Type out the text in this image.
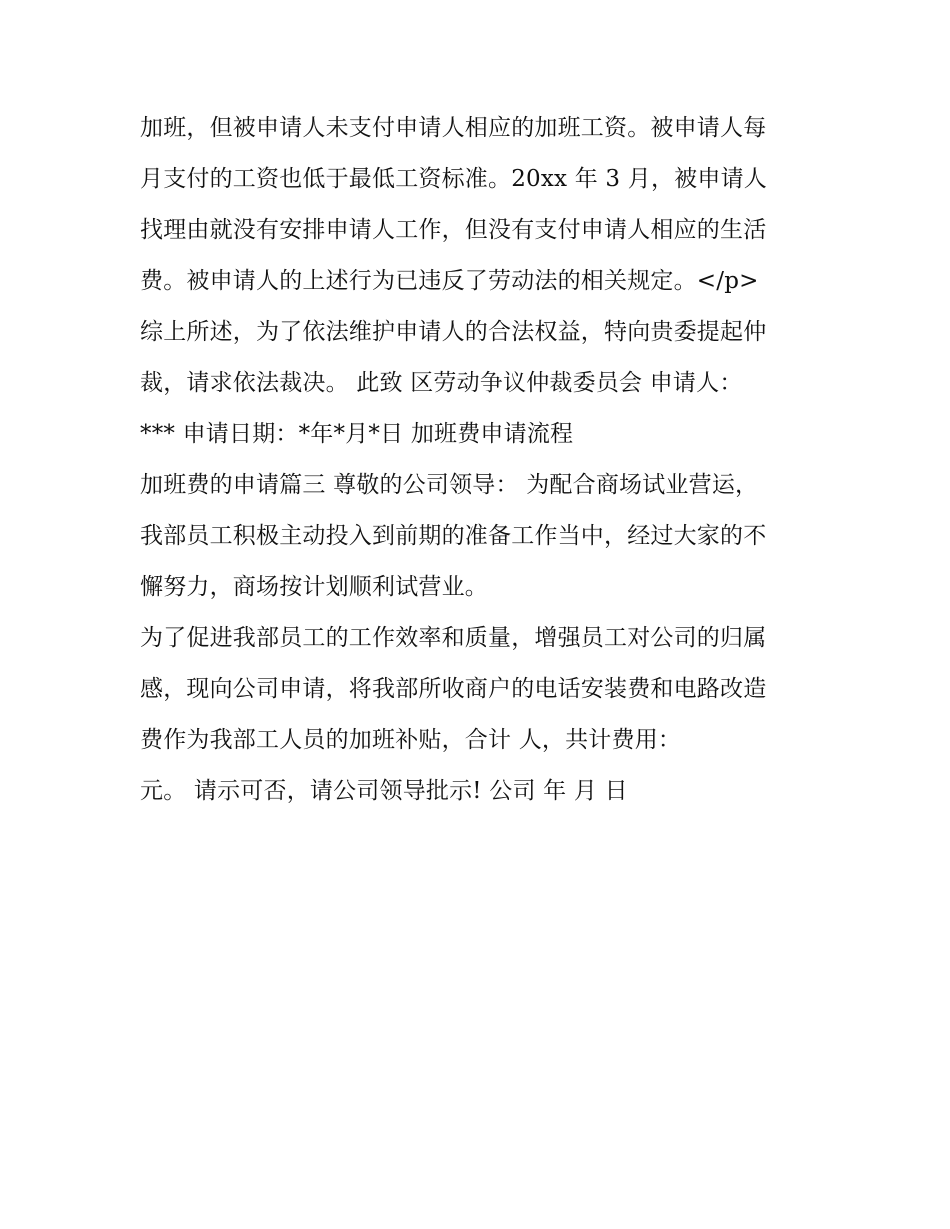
加班，但被申请人未支付申请人相应的加班工资。被申请人每
月支付的工资也低于最低工资标准。20xx 年 3 月，被申请人
找理由就没有安排申请人工作，但没有支付申请人相应的生活
费。被申请人的上述行为已违反了劳动法的相关规定。</p>
综上所述，为了依法维护申请人的合法权益，特向贵委提起仲
裁，请求依法裁决。 此致 区劳动争议仲裁委员会 申请人：
*** 申请日期：*年*月*日 加班费申请流程
加班费的申请篇三 尊敬的公司领导： 为配合商场试业营运，
我部员工积极主动投入到前期的准备工作当中，经过大家的不
懈努力，商场按计划顺利试营业。
为了促进我部员工的工作效率和质量，增强员工对公司的归属
感，现向公司申请，将我部所收商户的电话安装费和电路改造
费作为我部工人员的加班补贴，合计 人，共计费用：
元。 请示可否，请公司领导批示! 公司 年 月 日
